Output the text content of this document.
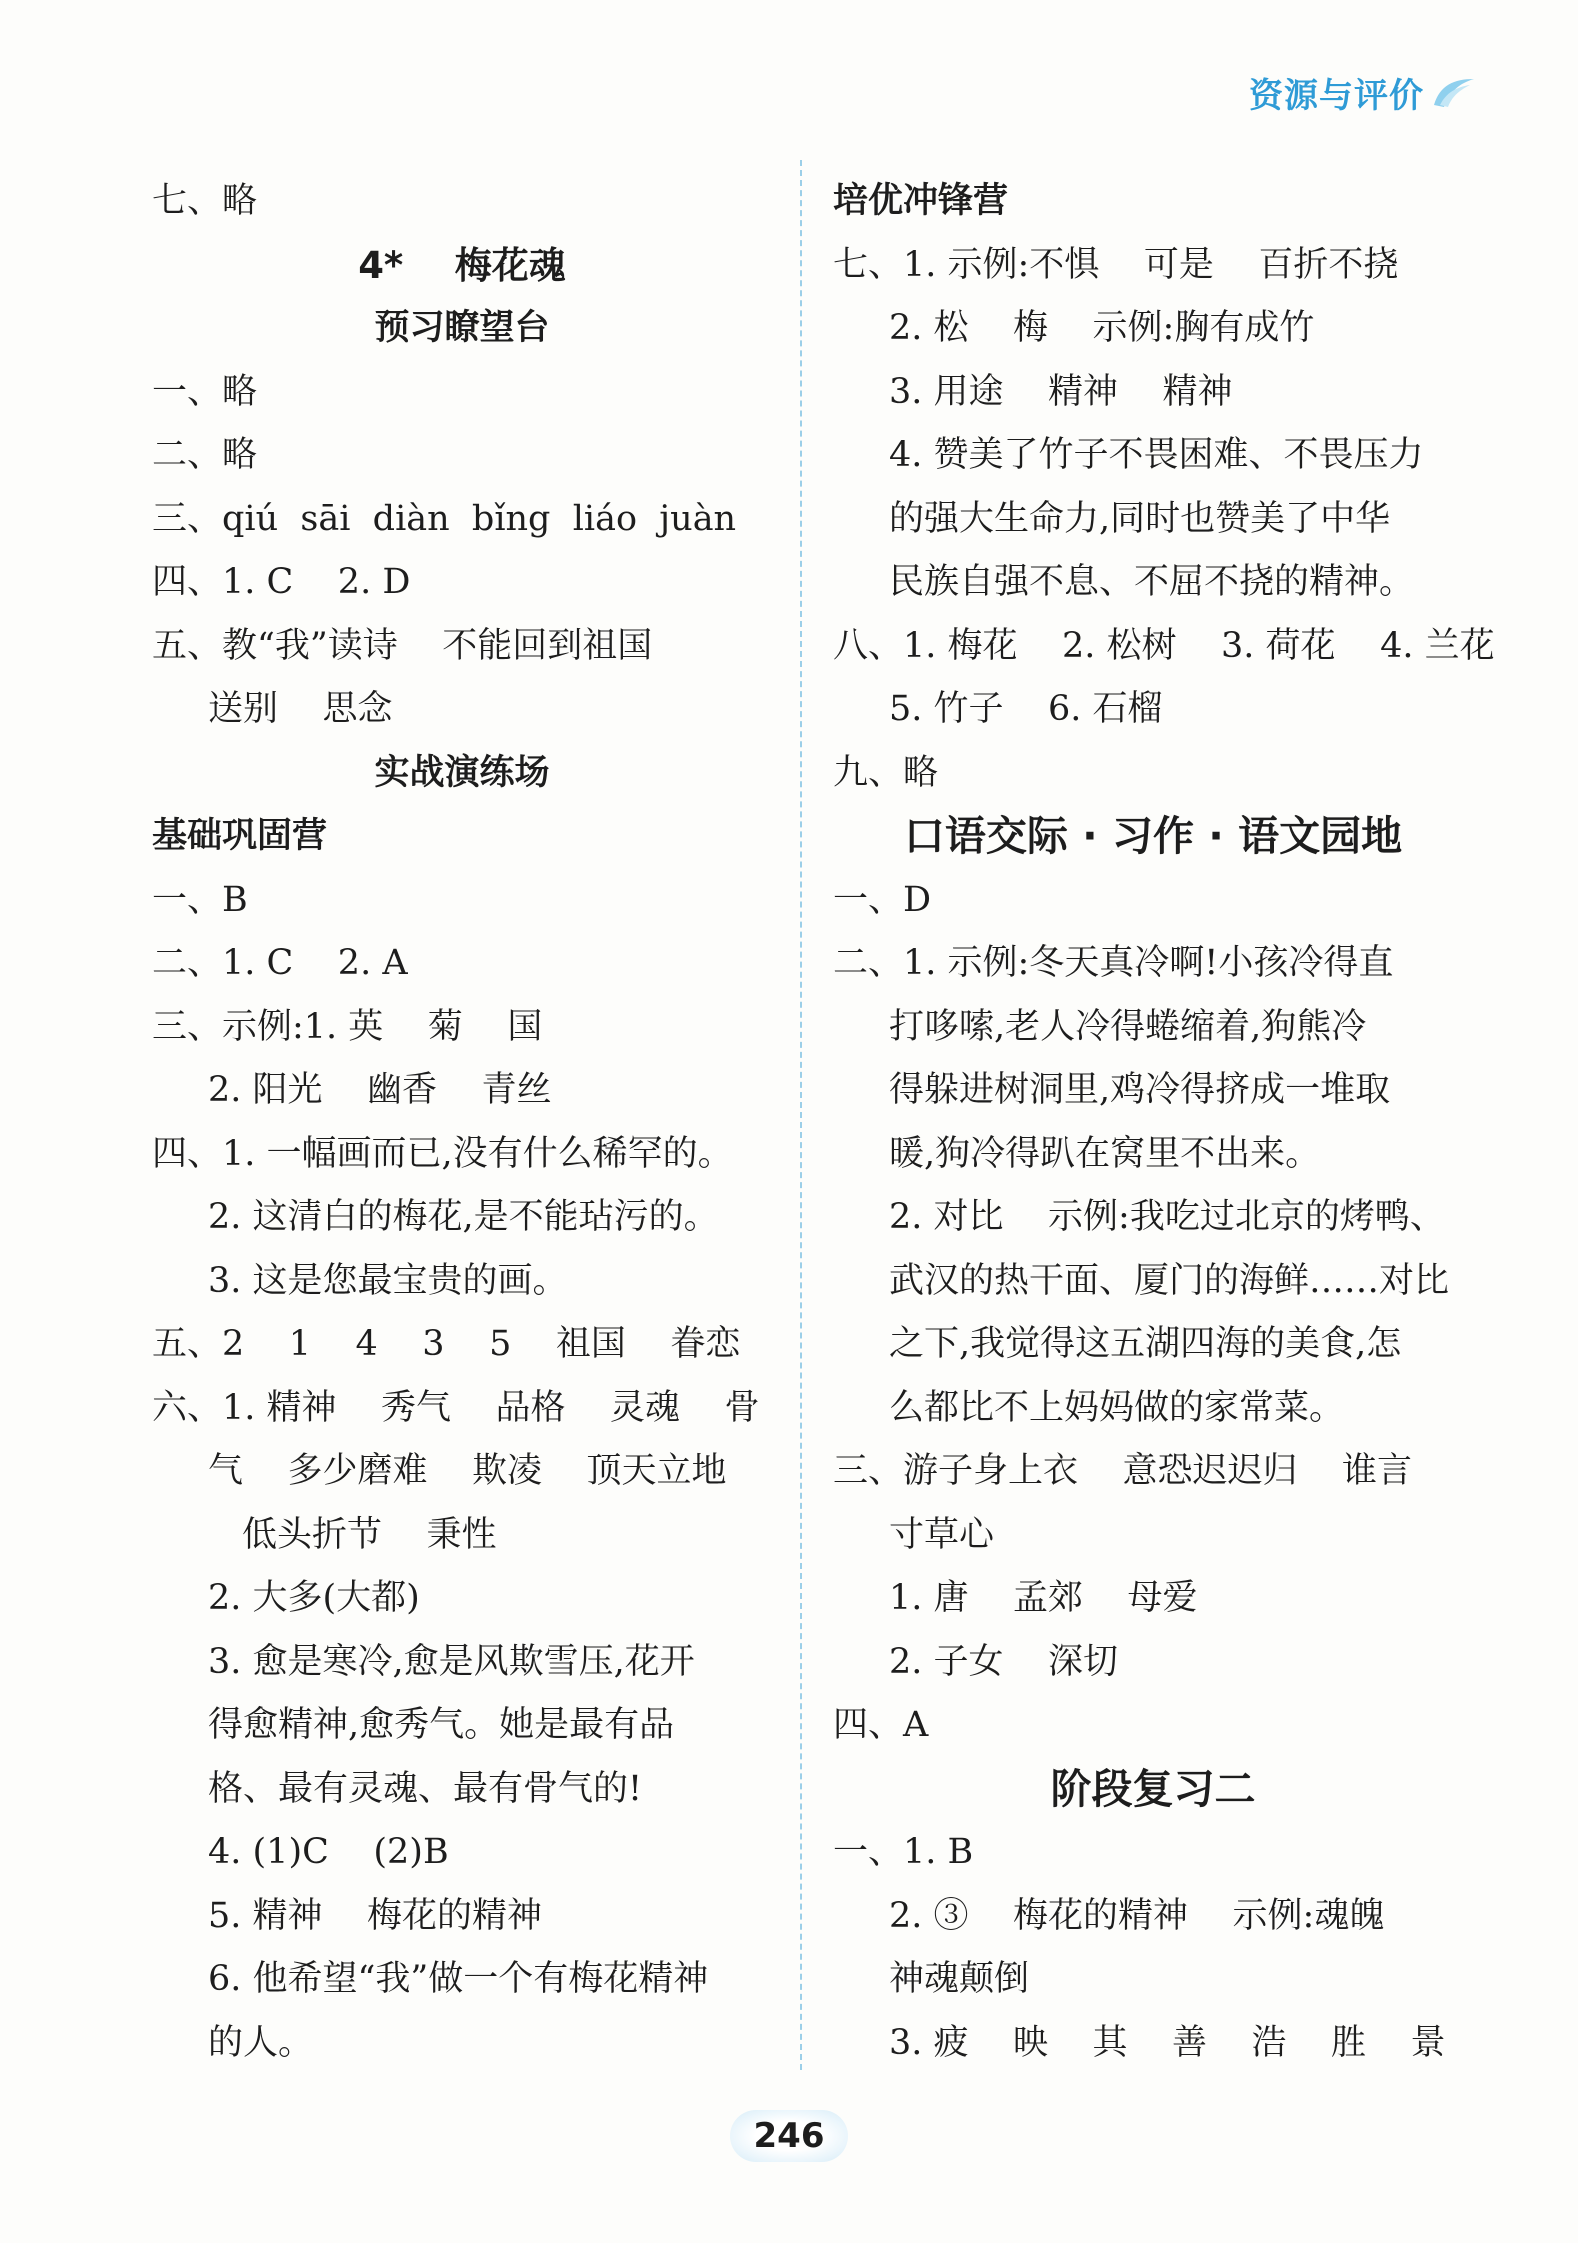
资源与评价
七、略
4*    梅花魂
预习瞭望台
一、略
二、略
三、qiú  sāi  diàn  bǐng  liáo  juàn
四、1. C    2. D
五、教“我”读诗    不能回到祖国
送别    思念
实战演练场
基础巩固营
一、B
二、1. C    2. A
三、示例:1. 英    菊    国
2. 阳光    幽香    青丝
四、1. 一幅画而已,没有什么稀罕的。
2. 这清白的梅花,是不能玷污的。
3. 这是您最宝贵的画。
五、2    1    4    3    5    祖国    眷恋
六、1. 精神    秀气    品格    灵魂    骨
气    多少磨难    欺凌    顶天立地
低头折节    秉性
2. 大多(大都)
3. 愈是寒冷,愈是风欺雪压,花开
得愈精神,愈秀气。她是最有品
格、最有灵魂、最有骨气的!
4. (1)C    (2)B
5. 精神    梅花的精神
6. 他希望“我”做一个有梅花精神
的人。
培优冲锋营
七、1. 示例:不惧    可是    百折不挠
2. 松    梅    示例:胸有成竹
3. 用途    精神    精神
4. 赞美了竹子不畏困难、不畏压力
的强大生命力,同时也赞美了中华
民族自强不息、不屈不挠的精神。
八、1. 梅花    2. 松树    3. 荷花    4. 兰花
5. 竹子    6. 石榴
九、略
口语交际 · 习作 · 语文园地
一、D
二、1. 示例:冬天真冷啊!小孩冷得直
打哆嗦,老人冷得蜷缩着,狗熊冷
得躲进树洞里,鸡冷得挤成一堆取
暖,狗冷得趴在窝里不出来。
2. 对比    示例:我吃过北京的烤鸭、
武汉的热干面、厦门的海鲜……对比
之下,我觉得这五湖四海的美食,怎
么都比不上妈妈做的家常菜。
三、游子身上衣    意恐迟迟归    谁言
寸草心
1. 唐    孟郊    母爱
2. 子女    深切
四、A
阶段复习二
一、1. B
2. ③    梅花的精神    示例:魂魄
神魂颠倒
3. 疲    映    其    善    浩    胜    景
246
